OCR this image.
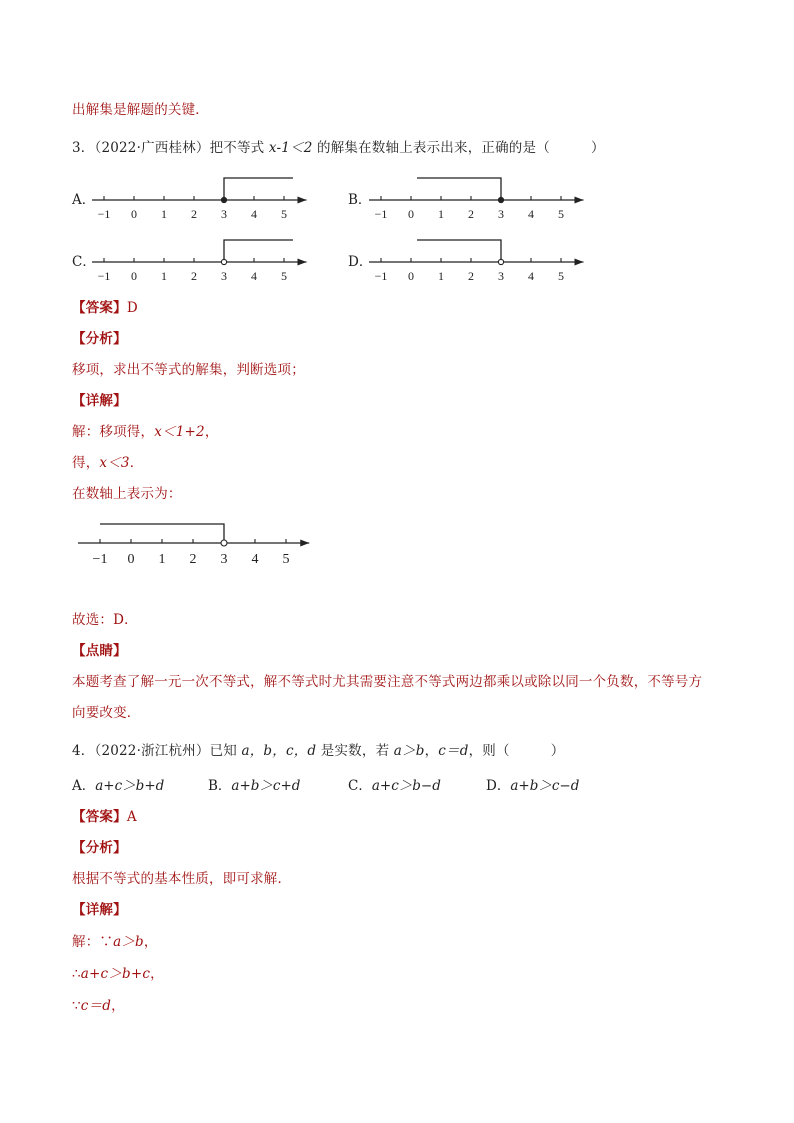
出解集是解题的关键．
3．（2022·广西桂林）把不等式 x-1＜2 的解集在数轴上表示出来，正确的是（　　　）
A．	B．
C．	D．
−1 0 1 2 3 4 5	−1 0 1 2 3 4 5
−1 0 1 2 3 4 5	−1 0 1 2 3 4 5
【答案】D
【分析】
移项，求出不等式的解集，判断选项；
【详解】
解：移项得，x＜1+2，
得，x＜3．
在数轴上表示为：
−1 0 1 2 3 4 5
故选：D．
【点睛】
本题考查了解一元一次不等式，解不等式时尤其需要注意不等式两边都乘以或除以同一个负数，不等号方
向要改变．
4．（2022·浙江杭州）已知 a，b，c，d 是实数，若 a＞b，c＝d，则（　　　）
A．a+c＞b+d	B．a+b＞c+d	C．a+c＞b−d	D．a+b＞c−d
【答案】A
【分析】
根据不等式的基本性质，即可求解．
【详解】
解：∵a＞b，
∴a+c＞b+c，
∵c＝d，
